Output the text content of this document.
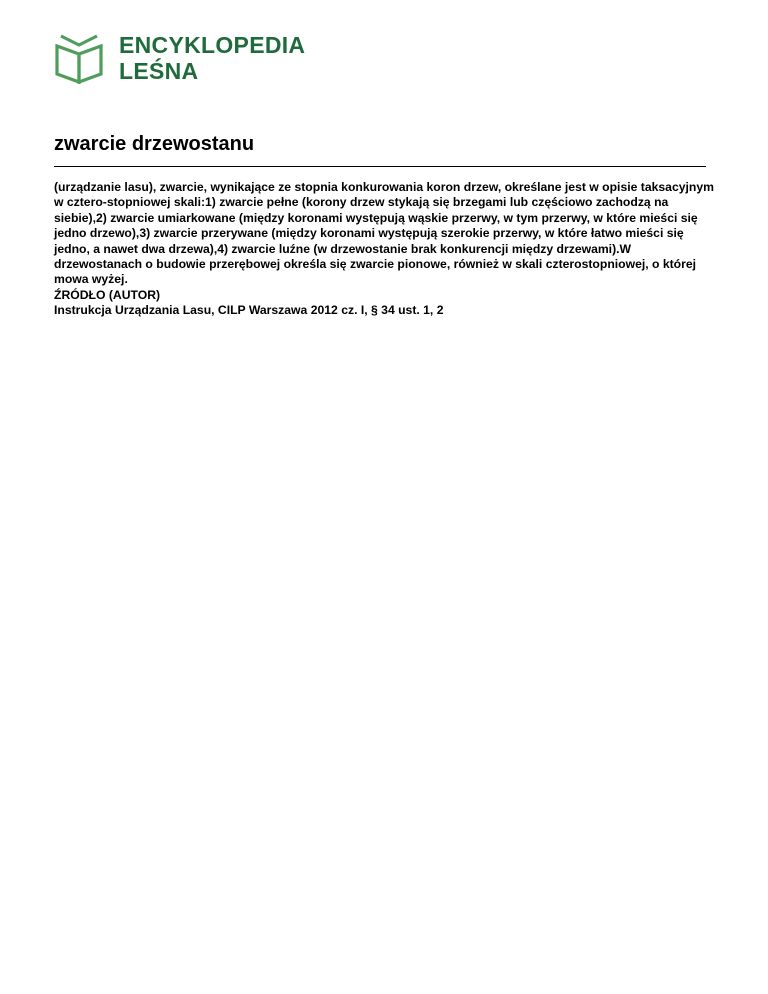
ENCYKLOPEDIA
LEŚNA
zwarcie drzewostanu

(urządzanie lasu), zwarcie, wynikające ze stopnia konkurowania koron drzew, określane jest w opisie taksacyjnym w cztero-stopniowej skali:1) zwarcie pełne (korony drzew stykają się brzegami lub częściowo zachodzą na siebie),2) zwarcie umiarkowane (między koronami występują wąskie przerwy, w tym przerwy, w które mieści się jedno drzewo),3) zwarcie przerywane (między koronami występują szerokie przerwy, w które łatwo mieści się jedno, a nawet dwa drzewa),4) zwarcie luźne (w drzewostanie brak konkurencji między drzewami).W drzewostanach o budowie przerębowej określa się zwarcie pionowe, również w skali czterostopniowej, o której mowa wyżej.

ŹRÓDŁO (AUTOR)

Instrukcja Urządzania Lasu, CILP Warszawa 2012 cz. I, § 34 ust. 1, 2
